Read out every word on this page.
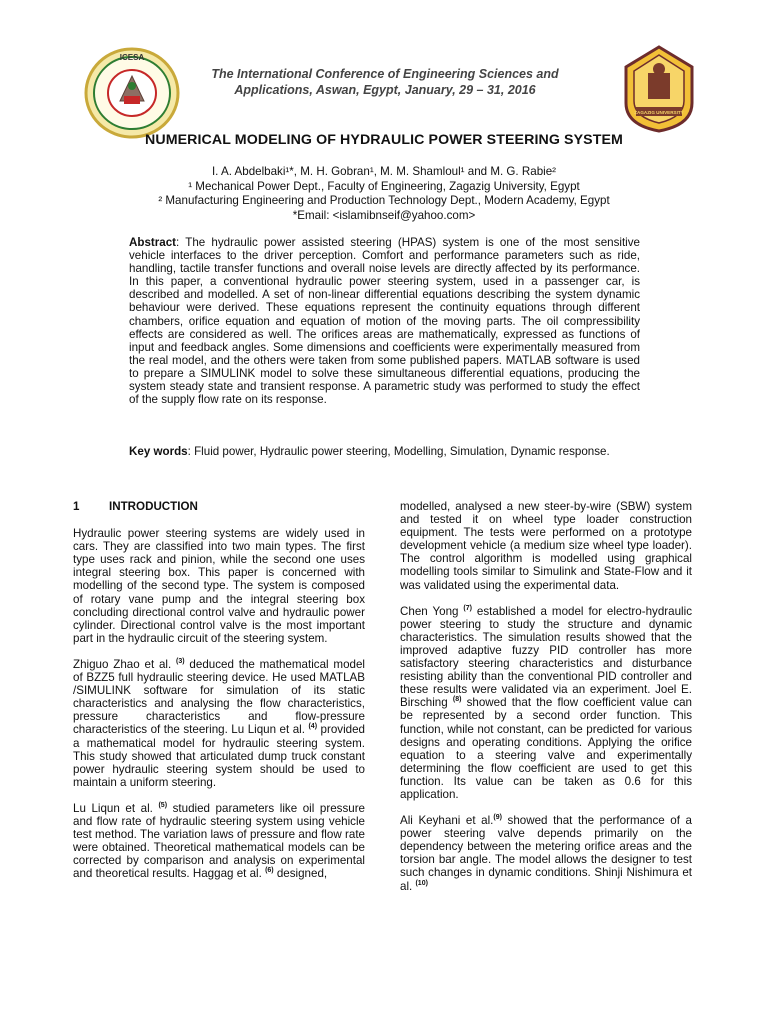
ICESA
The International Conference of Engineering Sciences and
Applications, Aswan, Egypt, January, 29 – 31, 2016
ZAGAZIG UNIVERSITY
NUMERICAL MODELING OF HYDRAULIC POWER STEERING SYSTEM
I. A. Abdelbaki¹*, M. H. Gobran¹, M. M. Shamloul¹ and M. G. Rabie²
¹ Mechanical Power Dept., Faculty of Engineering, Zagazig University, Egypt
² Manufacturing Engineering and Production Technology Dept., Modern Academy, Egypt
*Email: <islamibnseif@yahoo.com>
Abstract: The hydraulic power assisted steering (HPAS) system is one of the most sensitive vehicle interfaces to the driver perception. Comfort and performance parameters such as ride, handling, tactile transfer functions and overall noise levels are directly affected by its performance. In this paper, a conventional hydraulic power steering system, used in a passenger car, is described and modelled. A set of non-linear differential equations describing the system dynamic behaviour were derived. These equations represent the continuity equations through different chambers, orifice equation and equation of motion of the moving parts. The oil compressibility effects are considered as well. The orifices areas are mathematically, expressed as functions of input and feedback angles. Some dimensions and coefficients were experimentally measured from the real model, and the others were taken from some published papers. MATLAB software is used to prepare a SIMULINK model to solve these simultaneous differential equations, producing the system steady state and transient response. A parametric study was performed to study the effect of the supply flow rate on its response.
Key words: Fluid power, Hydraulic power steering, Modelling, Simulation, Dynamic response.

1	INTRODUCTION

Hydraulic power steering systems are widely used in cars. They are classified into two main types. The first type uses rack and pinion, while the second one uses integral steering box. This paper is concerned with modelling of the second type. The system is composed of rotary vane pump and the integral steering box concluding directional control valve and hydraulic power cylinder. Directional control valve is the most important part in the hydraulic circuit of the steering system.

Zhiguo Zhao et al. $^{(3)}$ deduced the mathematical model of BZZ5 full hydraulic steering device. He used MATLAB /SIMULINK software for simulation of its static characteristics and analysing the flow characteristics, pressure characteristics and flow-pressure characteristics of the steering. Lu Liqun et al. $^{(4)}$ provided a mathematical model for hydraulic steering system. This study showed that articulated dump truck constant power hydraulic steering system should be used to maintain a uniform steering.

Lu Liqun et al. $^{(5)}$ studied parameters like oil pressure and flow rate of hydraulic steering system using vehicle test method. The variation laws of pressure and flow rate were obtained. Theoretical mathematical models can be corrected by comparison and analysis on experimental and theoretical results. Haggag et al. $^{(6)}$ designed,

modelled, analysed a new steer-by-wire (SBW) system and tested it on wheel type loader construction equipment. The tests were performed on a prototype development vehicle (a medium size wheel type loader). The control algorithm is modelled using graphical modelling tools similar to Simulink and State-Flow and it was validated using the experimental data.

Chen Yong $^{(7)}$ established a model for electro-hydraulic power steering to study the structure and dynamic characteristics. The simulation results showed that the improved adaptive fuzzy PID controller has more satisfactory steering characteristics and disturbance resisting ability than the conventional PID controller and these results were validated via an experiment. Joel E. Birsching $^{(8)}$ showed that the flow coefficient value can be represented by a second order function. This function, while not constant, can be predicted for various designs and operating conditions. Applying the orifice equation to a steering valve and experimentally determining the flow coefficient are used to get this function. Its value can be taken as 0.6 for this application.

Ali Keyhani et al.$^{(9)}$ showed that the performance of a power steering valve depends primarily on the dependency between the metering orifice areas and the torsion bar angle. The model allows the designer to test such changes in dynamic conditions. Shinji Nishimura et al. $^{(10)}$
